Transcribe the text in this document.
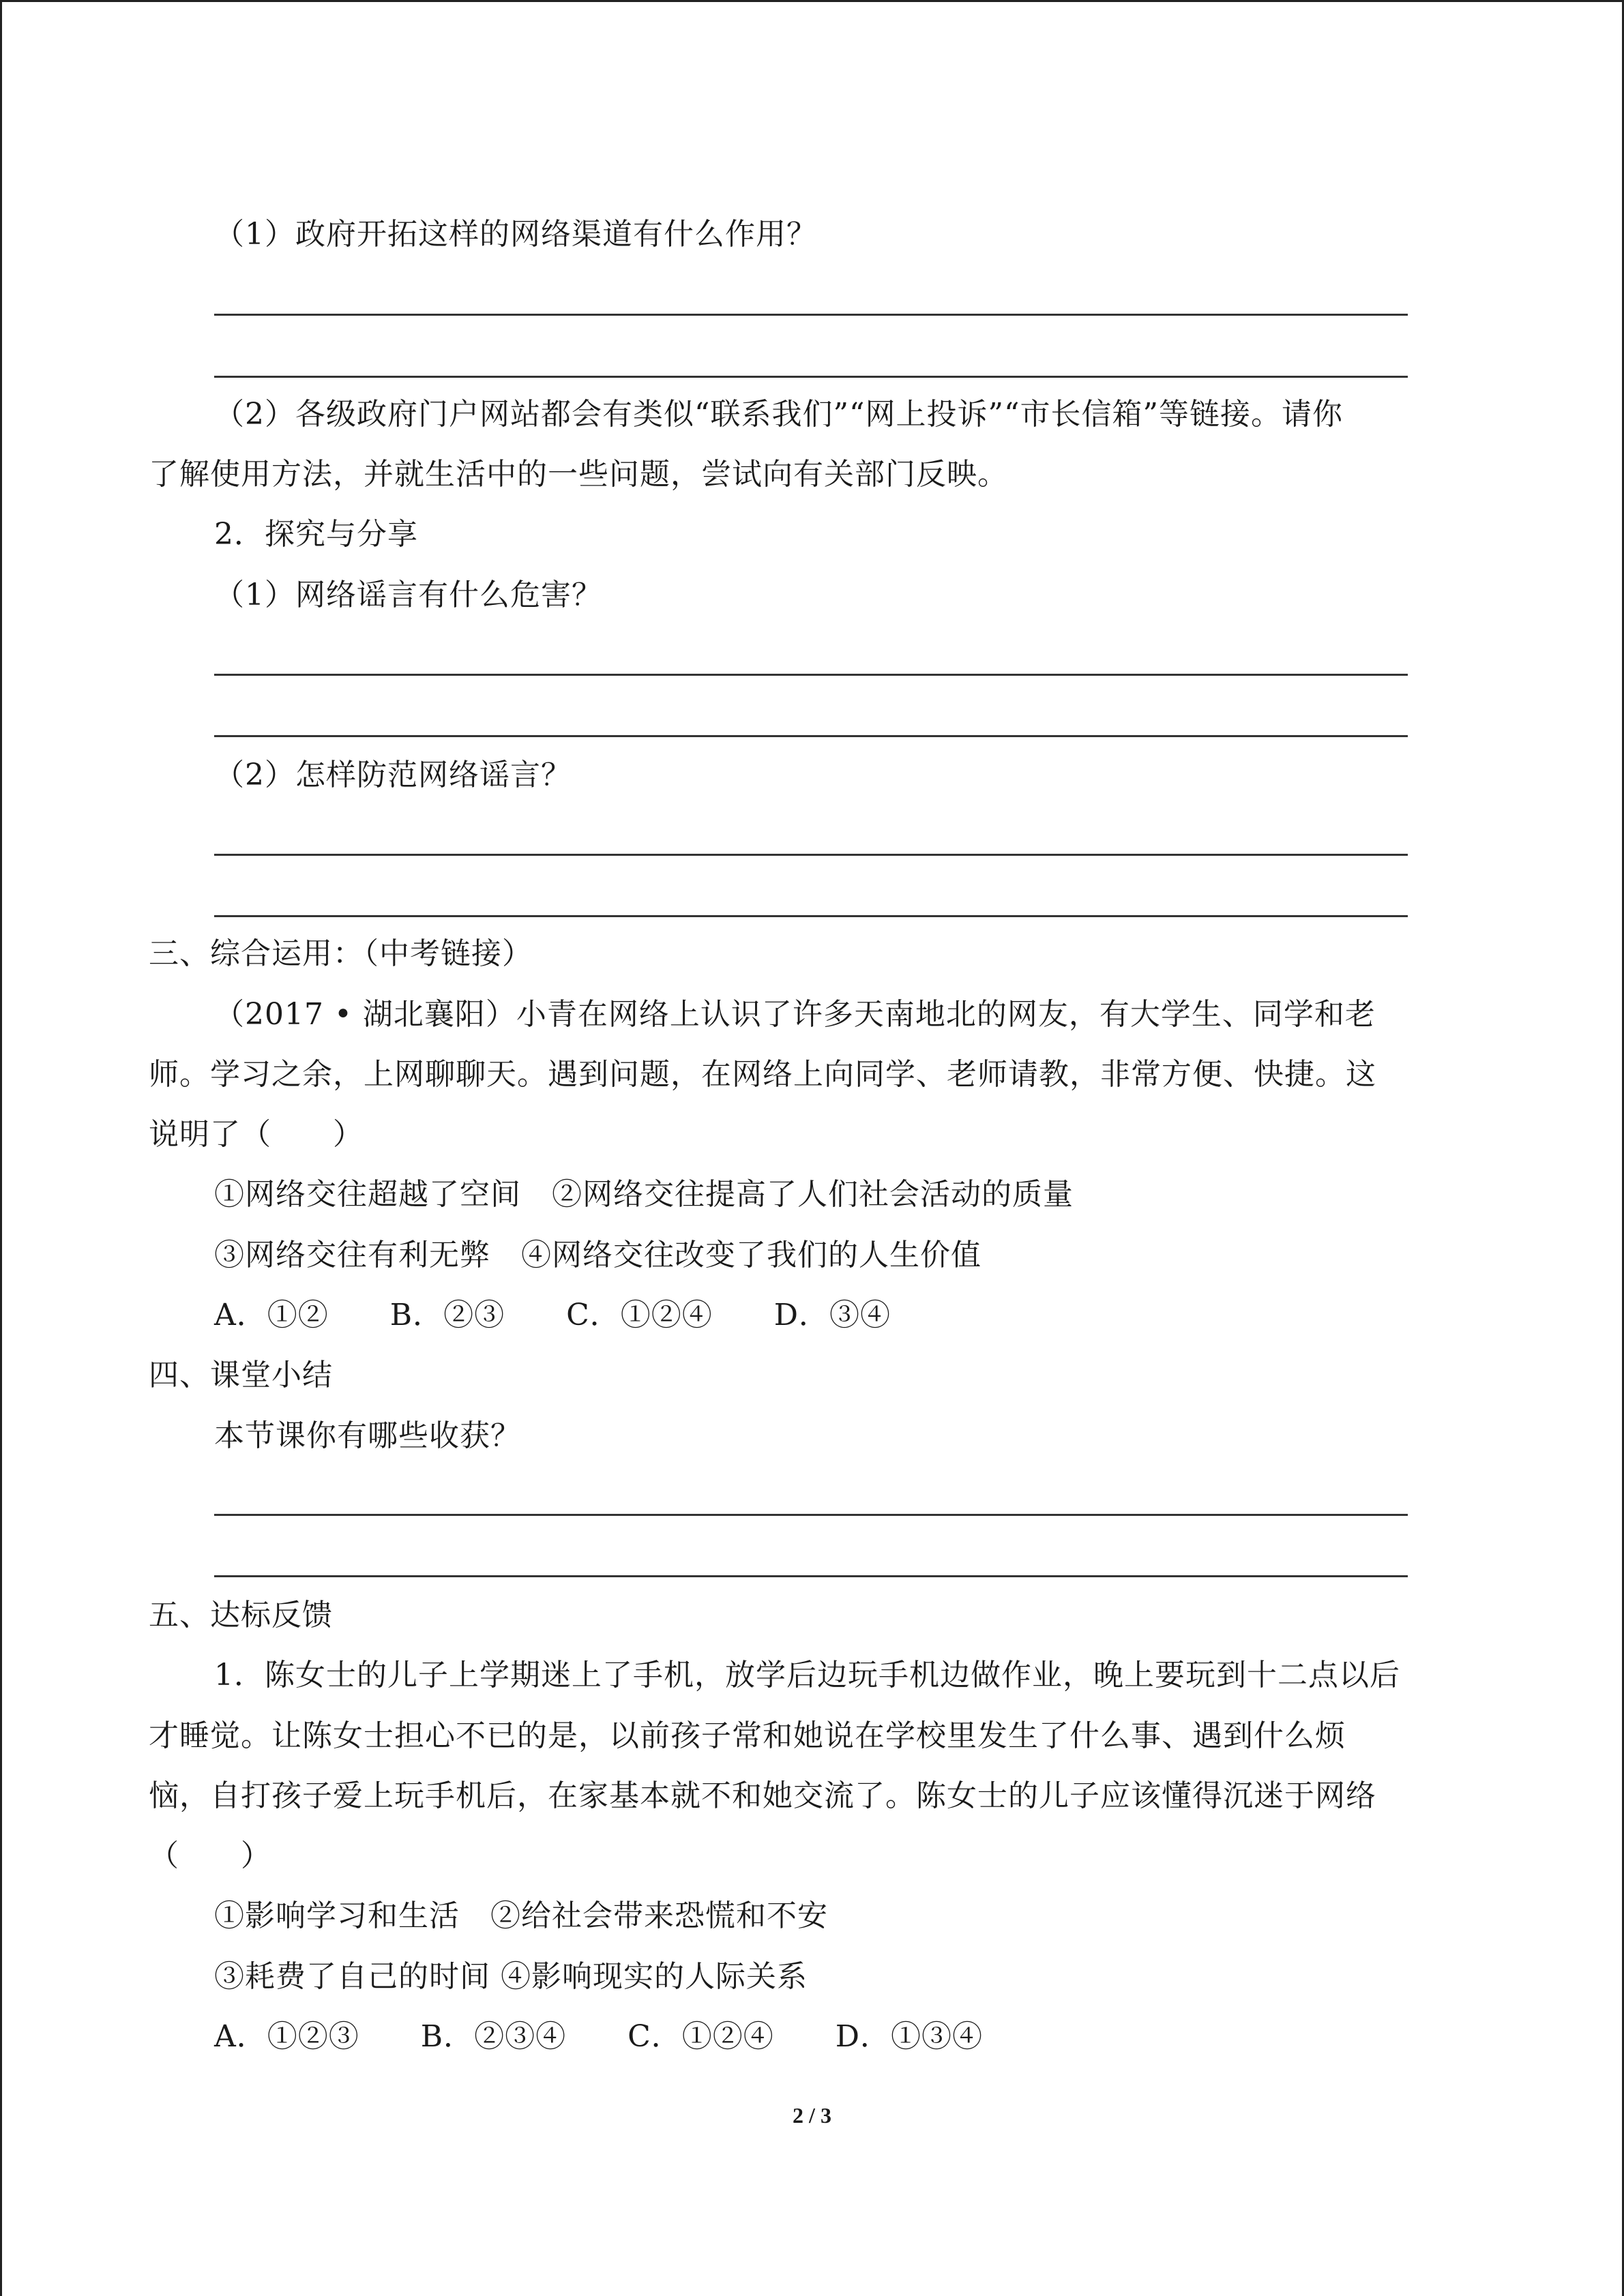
（1）政府开拓这样的网络渠道有什么作用？
（2）各级政府门户网站都会有类似“联系我们”“网上投诉”“市长信箱”等链接。请你
了解使用方法，并就生活中的一些问题，尝试向有关部门反映。
2．探究与分享
（1）网络谣言有什么危害？
（2）怎样防范网络谣言？
三、综合运用：（中考链接）
（2017 • 湖北襄阳）小青在网络上认识了许多天南地北的网友，有大学生、同学和老
师。学习之余，上网聊聊天。遇到问题，在网络上向同学、老师请教，非常方便、快捷。这
说明了（　　）
①网络交往超越了空间　②网络交往提高了人们社会活动的质量
③网络交往有利无弊　④网络交往改变了我们的人生价值
A．①②　　B．②③　　C．①②④　　D．③④
四、课堂小结
本节课你有哪些收获？
五、达标反馈
1．陈女士的儿子上学期迷上了手机，放学后边玩手机边做作业，晚上要玩到十二点以后
才睡觉。让陈女士担心不已的是，以前孩子常和她说在学校里发生了什么事、遇到什么烦
恼，自打孩子爱上玩手机后，在家基本就不和她交流了。陈女士的儿子应该懂得沉迷于网络
（　　）
①影响学习和生活　②给社会带来恐慌和不安
③耗费了自己的时间 ④影响现实的人际关系
A．①②③　　B．②③④　　C．①②④　　D．①③④
2 / 3
